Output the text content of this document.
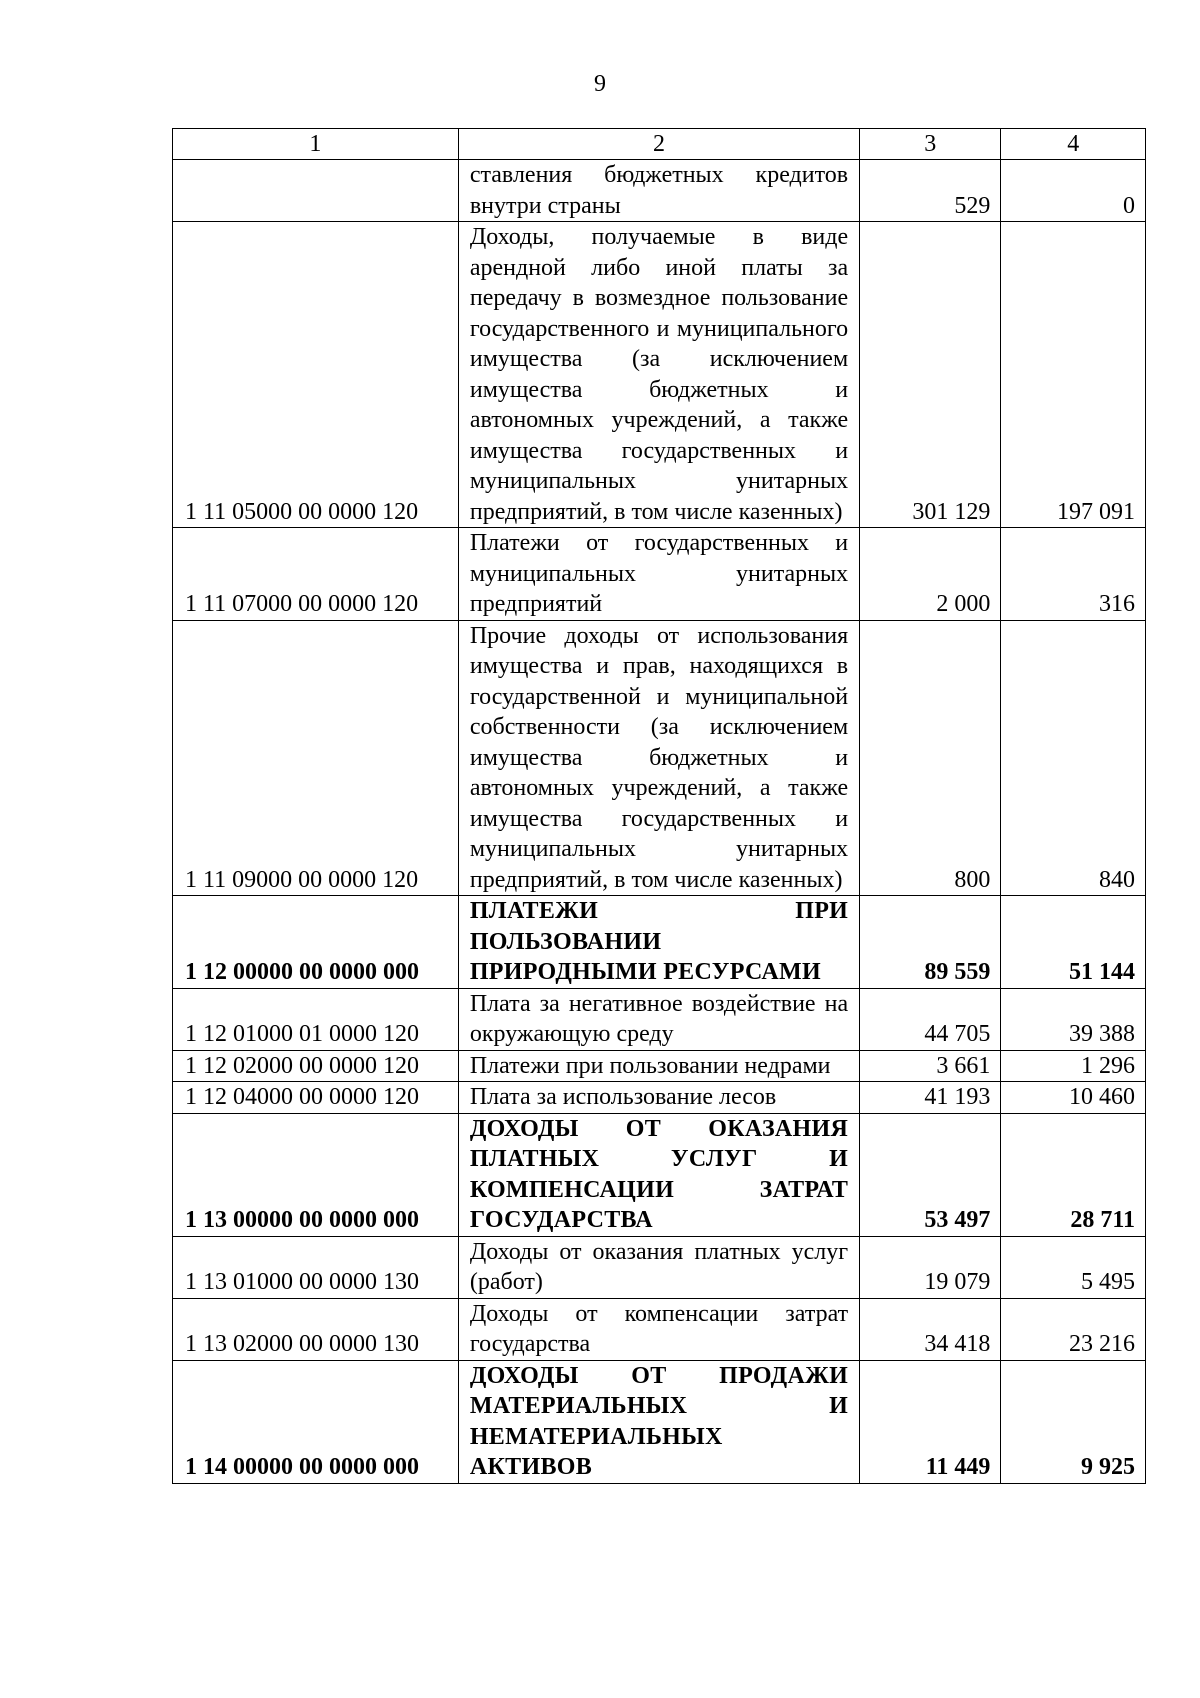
9
1	2	3	4
	ставления бюджетных кредитов внутри страны	529	0
1 11 05000 00 0000 120	Доходы, получаемые в виде арендной либо иной платы за передачу в возмездное пользование государственного и муниципального имущества (за исключением имущества бюджетных и автономных учреждений, а также имущества государственных и муниципальных унитарных предприятий, в том числе казенных)	301 129	197 091
1 11 07000 00 0000 120	Платежи от государственных и муниципальных унитарных предприятий	2 000	316
1 11 09000 00 0000 120	Прочие доходы от использования имущества и прав, находящихся в государственной и муниципальной собственности (за исключением имущества бюджетных и автономных учреждений, а также имущества государственных и муниципальных унитарных предприятий, в том числе казенных)	800	840
1 12 00000 00 0000 000	ПЛАТЕЖИ ПРИ ПОЛЬЗОВАНИИ ПРИРОДНЫМИ РЕСУРСАМИ	89 559	51 144
1 12 01000 01 0000 120	Плата за негативное воздействие на окружающую среду	44 705	39 388
1 12 02000 00 0000 120	Платежи при пользовании недрами	3 661	1 296
1 12 04000 00 0000 120	Плата за использование лесов	41 193	10 460
1 13 00000 00 0000 000	ДОХОДЫ ОТ ОКАЗАНИЯ ПЛАТНЫХ УСЛУГ И КОМПЕНСАЦИИ ЗАТРАТ ГОСУДАРСТВА	53 497	28 711
1 13 01000 00 0000 130	Доходы от оказания платных услуг (работ)	19 079	5 495
1 13 02000 00 0000 130	Доходы от компенсации затрат государства	34 418	23 216
1 14 00000 00 0000 000	ДОХОДЫ ОТ ПРОДАЖИ МАТЕРИАЛЬНЫХ И НЕМАТЕРИАЛЬНЫХ АКТИВОВ	11 449	9 925
